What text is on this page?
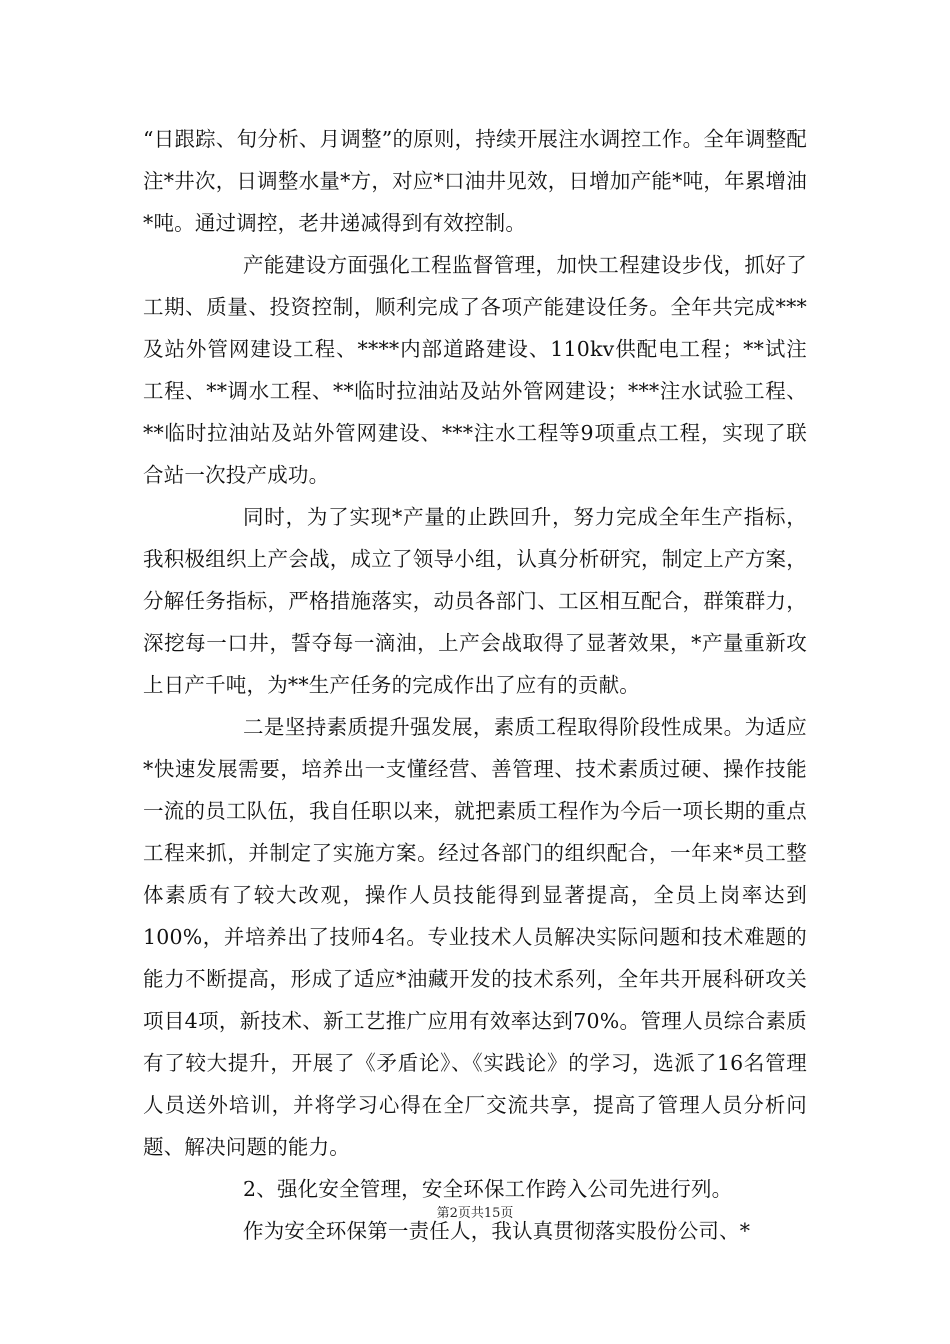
“日跟踪、旬分析、月调整”的原则，持续开展注水调控工作。全年调整配注*井次，日调整水量*方，对应*口油井见效，日增加产能*吨，年累增油*吨。通过调控，老井递减得到有效控制。

产能建设方面强化工程监督管理，加快工程建设步伐，抓好了工期、质量、投资控制，顺利完成了各项产能建设任务。全年共完成***及站外管网建设工程、****内部道路建设、110kv供配电工程；**试注工程、**调水工程、**临时拉油站及站外管网建设；***注水试验工程、**临时拉油站及站外管网建设、***注水工程等9项重点工程，实现了联合站一次投产成功。

同时，为了实现*产量的止跌回升，努力完成全年生产指标，我积极组织上产会战，成立了领导小组，认真分析研究，制定上产方案，分解任务指标，严格措施落实，动员各部门、工区相互配合，群策群力，深挖每一口井，誓夺每一滴油，上产会战取得了显著效果，*产量重新攻上日产千吨，为**生产任务的完成作出了应有的贡献。

二是坚持素质提升强发展，素质工程取得阶段性成果。为适应*快速发展需要，培养出一支懂经营、善管理、技术素质过硬、操作技能一流的员工队伍，我自任职以来，就把素质工程作为今后一项长期的重点工程来抓，并制定了实施方案。经过各部门的组织配合，一年来*员工整体素质有了较大改观，操作人员技能得到显著提高，全员上岗率达到100%，并培养出了技师4名。专业技术人员解决实际问题和技术难题的能力不断提高，形成了适应*油藏开发的技术系列，全年共开展科研攻关项目4项，新技术、新工艺推广应用有效率达到70%。管理人员综合素质有了较大提升，开展了《矛盾论》、《实践论》的学习，选派了16名管理人员送外培训，并将学习心得在全厂交流共享，提高了管理人员分析问题、解决问题的能力。

2、强化安全管理，安全环保工作跨入公司先进行列。

作为安全环保第一责任人，我认真贯彻落实股份公司、*

第2页共15页
